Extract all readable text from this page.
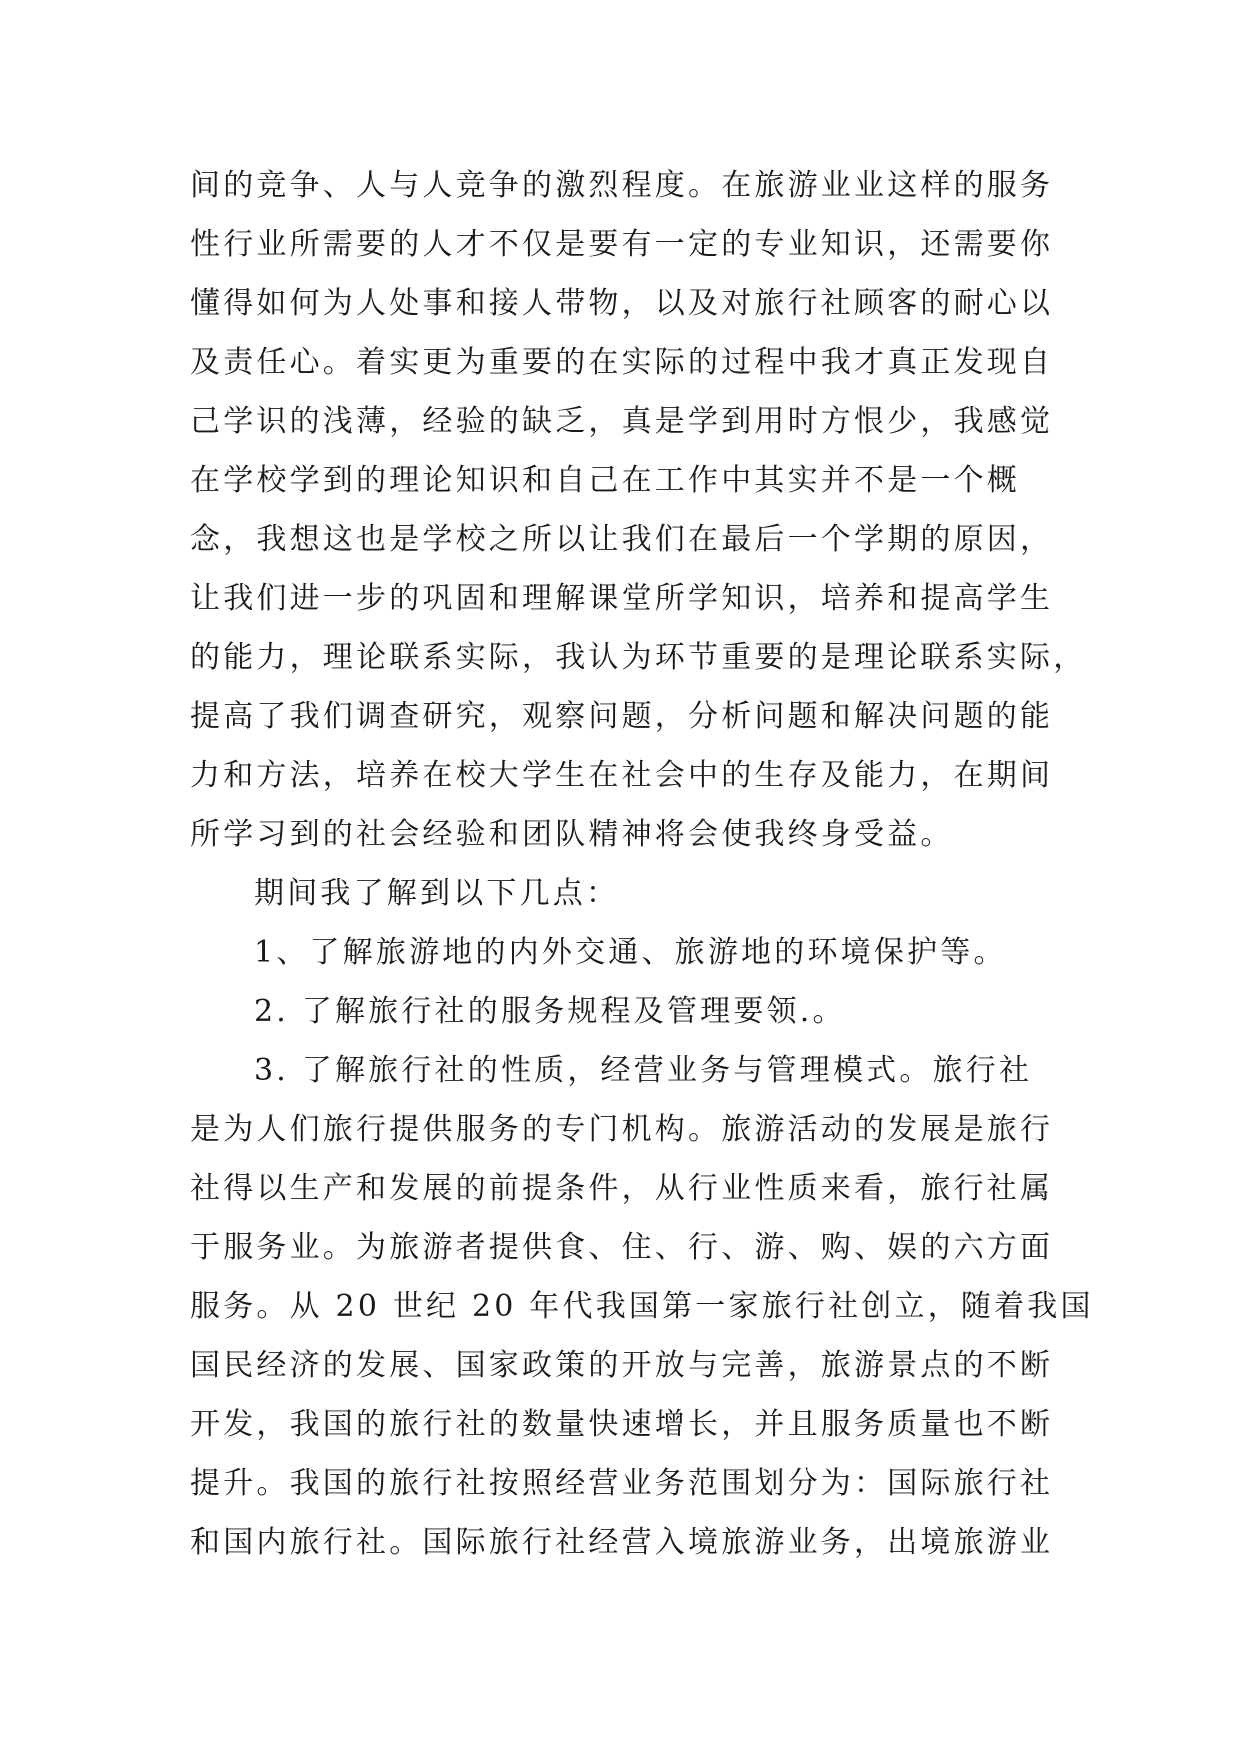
间的竞争、人与人竞争的激烈程度。在旅游业业这样的服务
性行业所需要的人才不仅是要有一定的专业知识，还需要你
懂得如何为人处事和接人带物，以及对旅行社顾客的耐心以
及责任心。着实更为重要的在实际的过程中我才真正发现自
己学识的浅薄，经验的缺乏，真是学到用时方恨少，我感觉
在学校学到的理论知识和自己在工作中其实并不是一个概
念，我想这也是学校之所以让我们在最后一个学期的原因，
让我们进一步的巩固和理解课堂所学知识，培养和提高学生
的能力，理论联系实际，我认为环节重要的是理论联系实际，
提高了我们调查研究，观察问题，分析问题和解决问题的能
力和方法，培养在校大学生在社会中的生存及能力，在期间
所学习到的社会经验和团队精神将会使我终身受益。
期间我了解到以下几点：
1、了解旅游地的内外交通、旅游地的环境保护等。
2. 了解旅行社的服务规程及管理要领.。
3. 了解旅行社的性质，经营业务与管理模式。旅行社
是为人们旅行提供服务的专门机构。旅游活动的发展是旅行
社得以生产和发展的前提条件，从行业性质来看，旅行社属
于服务业。为旅游者提供食、住、行、游、购、娱的六方面
服务。从 20 世纪 20 年代我国第一家旅行社创立，随着我国
国民经济的发展、国家政策的开放与完善，旅游景点的不断
开发，我国的旅行社的数量快速增长，并且服务质量也不断
提升。我国的旅行社按照经营业务范围划分为：国际旅行社
和国内旅行社。国际旅行社经营入境旅游业务，出境旅游业
